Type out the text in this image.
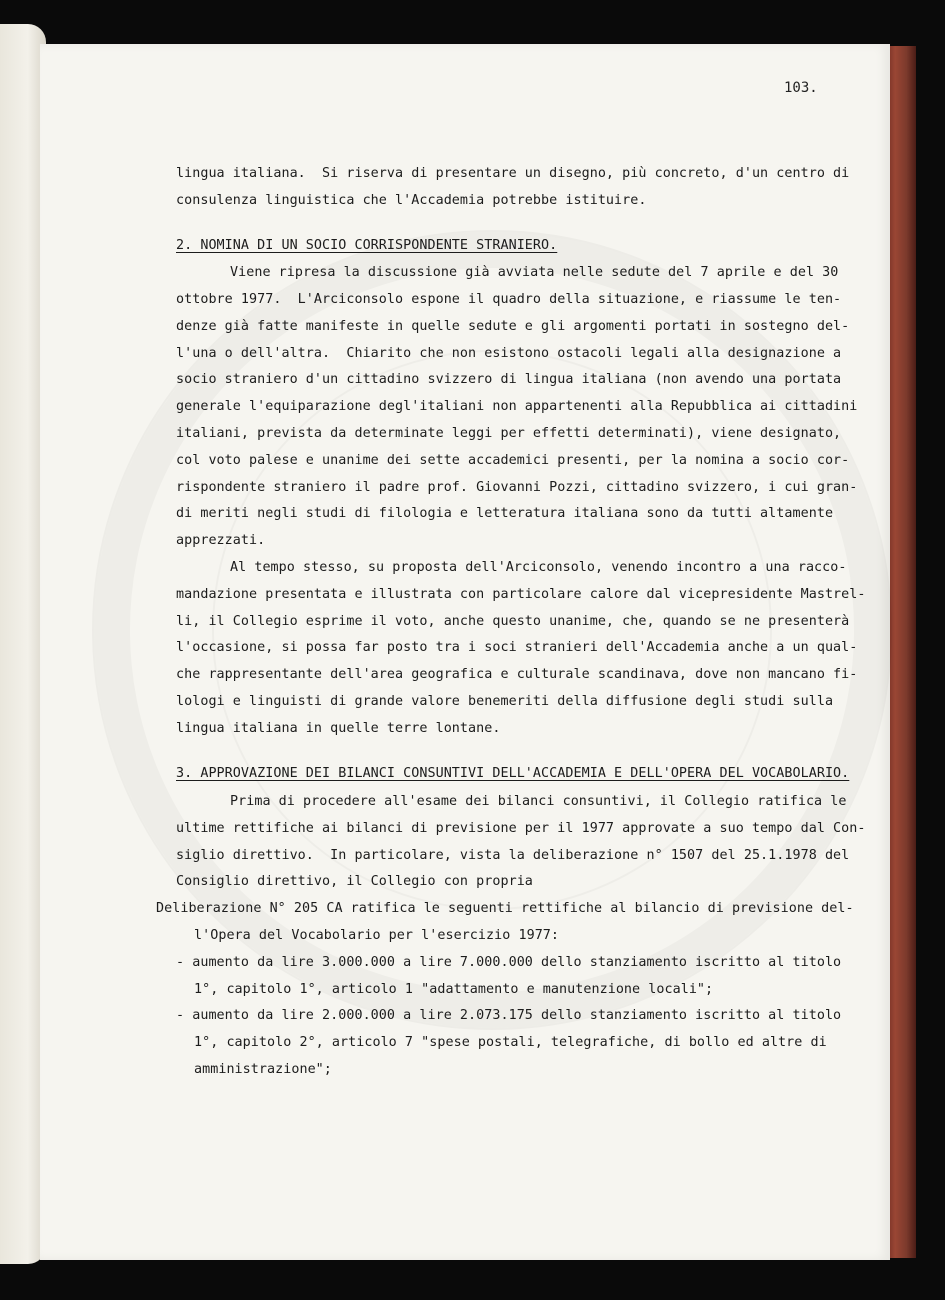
103.
lingua italiana.  Si riserva di presentare un disegno, più concreto, d'un centro di
consulenza linguistica che l'Accademia potrebbe istituire.
2. NOMINA DI UN SOCIO CORRISPONDENTE STRANIERO.
Viene ripresa la discussione già avviata nelle sedute del 7 aprile e del 30
ottobre 1977.  L'Arciconsolo espone il quadro della situazione, e riassume le ten-
denze già fatte manifeste in quelle sedute e gli argomenti portati in sostegno del-
l'una o dell'altra.  Chiarito che non esistono ostacoli legali alla designazione a
socio straniero d'un cittadino svizzero di lingua italiana (non avendo una portata
generale l'equiparazione degl'italiani non appartenenti alla Repubblica ai cittadini
italiani, prevista da determinate leggi per effetti determinati), viene designato,
col voto palese e unanime dei sette accademici presenti, per la nomina a socio cor-
rispondente straniero il padre prof. Giovanni Pozzi, cittadino svizzero, i cui gran-
di meriti negli studi di filologia e letteratura italiana sono da tutti altamente
apprezzati.
Al tempo stesso, su proposta dell'Arciconsolo, venendo incontro a una racco-
mandazione presentata e illustrata con particolare calore dal vicepresidente Mastrel-
li, il Collegio esprime il voto, anche questo unanime, che, quando se ne presenterà
l'occasione, si possa far posto tra i soci stranieri dell'Accademia anche a un qual-
che rappresentante dell'area geografica e culturale scandinava, dove non mancano fi-
lologi e linguisti di grande valore benemeriti della diffusione degli studi sulla
lingua italiana in quelle terre lontane.
3. APPROVAZIONE DEI BILANCI CONSUNTIVI DELL'ACCADEMIA E DELL'OPERA DEL VOCABOLARIO.
Prima di procedere all'esame dei bilanci consuntivi, il Collegio ratifica le
ultime rettifiche ai bilanci di previsione per il 1977 approvate a suo tempo dal Con-
siglio direttivo.  In particolare, vista la deliberazione n° 1507 del 25.1.1978 del
Consiglio direttivo, il Collegio con propria
Deliberazione N° 205 CA ratifica le seguenti rettifiche al bilancio di previsione del-
l'Opera del Vocabolario per l'esercizio 1977:
- aumento da lire 3.000.000 a lire 7.000.000 dello stanziamento iscritto al titolo
1°, capitolo 1°, articolo 1 "adattamento e manutenzione locali";
- aumento da lire 2.000.000 a lire 2.073.175 dello stanziamento iscritto al titolo
1°, capitolo 2°, articolo 7 "spese postali, telegrafiche, di bollo ed altre di
amministrazione";
